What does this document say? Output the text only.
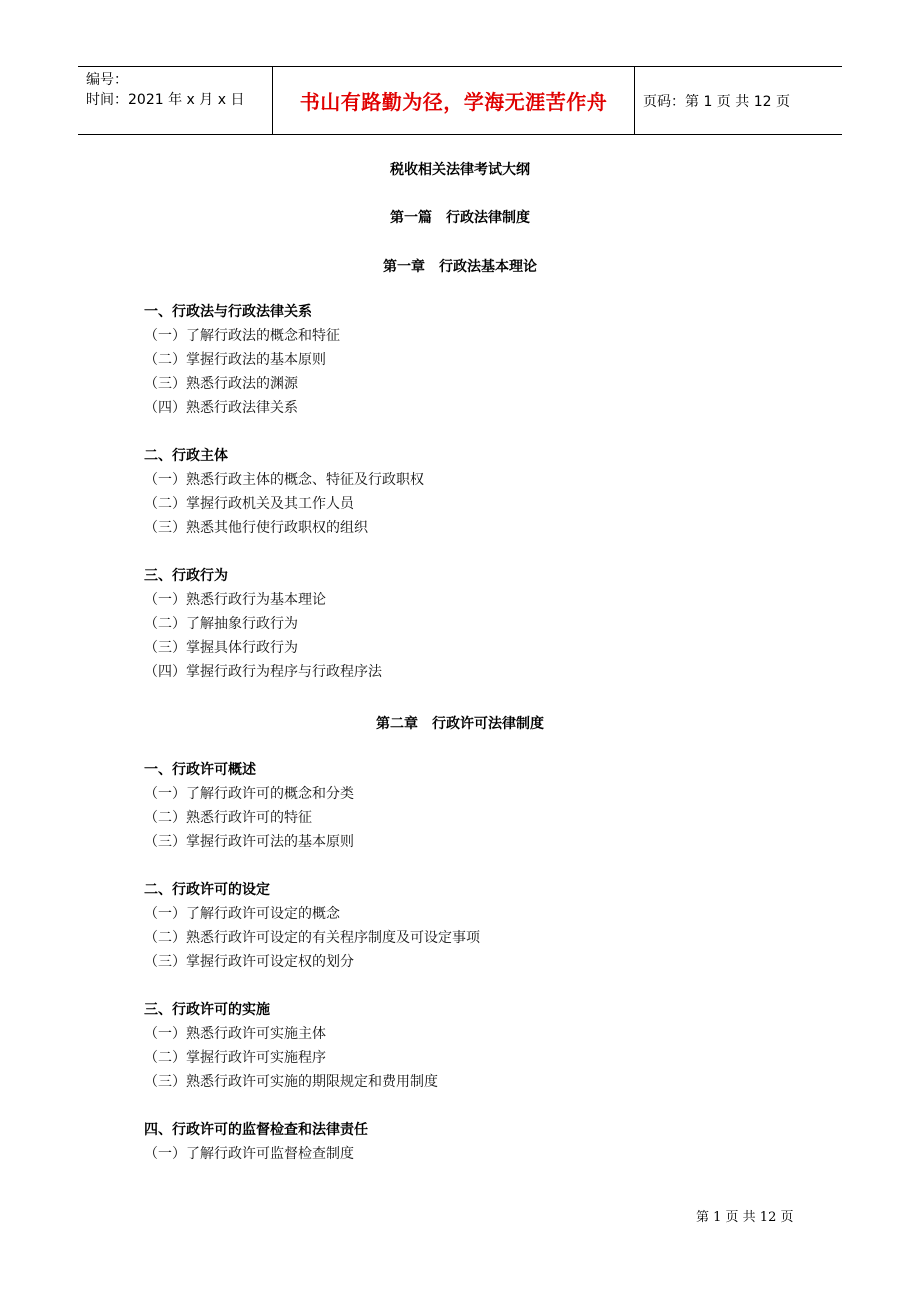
编号：
时间：2021 年 x 月 x 日	书山有路勤为径，学海无涯苦作舟	页码：第 1 页 共 12 页
税收相关法律考试大纲
第一篇　行政法律制度
第一章　行政法基本理论
一、行政法与行政法律关系
（一）了解行政法的概念和特征
（二）掌握行政法的基本原则
（三）熟悉行政法的渊源
（四）熟悉行政法律关系
二、行政主体
（一）熟悉行政主体的概念、特征及行政职权
（二）掌握行政机关及其工作人员
（三）熟悉其他行使行政职权的组织
三、行政行为
（一）熟悉行政行为基本理论
（二）了解抽象行政行为
（三）掌握具体行政行为
（四）掌握行政行为程序与行政程序法
第二章　行政许可法律制度
一、行政许可概述
（一）了解行政许可的概念和分类
（二）熟悉行政许可的特征
（三）掌握行政许可法的基本原则
二、行政许可的设定
（一）了解行政许可设定的概念
（二）熟悉行政许可设定的有关程序制度及可设定事项
（三）掌握行政许可设定权的划分
三、行政许可的实施
（一）熟悉行政许可实施主体
（二）掌握行政许可实施程序
（三）熟悉行政许可实施的期限规定和费用制度
四、行政许可的监督检查和法律责任
（一）了解行政许可监督检查制度
第 1 页 共 12 页
